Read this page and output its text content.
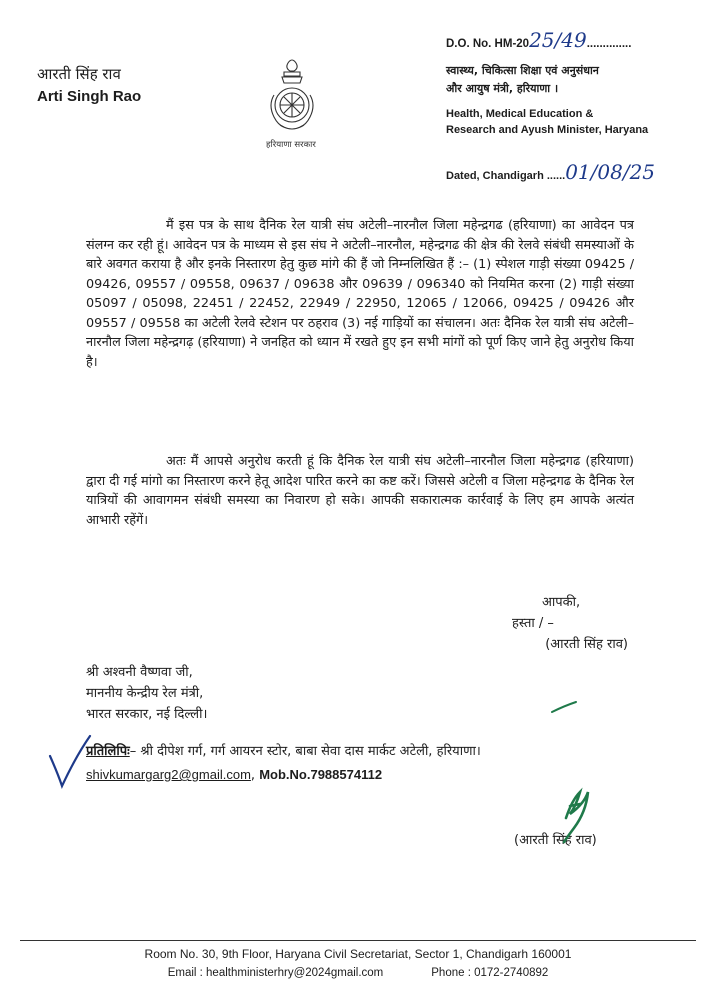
D.O. No. HM-2025/49..............
आरती सिंह राव
Arti Singh Rao
हरियाणा सरकार
स्वास्थ्य, चिकित्सा शिक्षा एवं अनुसंधान
और आयुष मंत्री, हरियाणा ।
Health, Medical Education &
Research and Ayush Minister, Haryana
Dated, Chandigarh ......01/08/25
मैं इस पत्र के साथ दैनिक रेल यात्री संघ अटेली–नारनौल जिला महेन्द्रगढ (हरियाणा) का आवेदन पत्र संलग्न कर रही हूं। आवेदन पत्र के माध्यम से इस संघ ने अटेली–नारनौल, महेन्द्रगढ की क्षेत्र की रेलवे संबंधी समस्याओं के बारे अवगत कराया है और इनके निस्तारण हेतु कुछ मांगे की हैं जो निम्नलिखित हैं :– (1) स्पेशल गाड़ी संख्या 09425 / 09426, 09557 / 09558, 09637 / 09638 और 09639 / 096340 को नियमित करना (2) गाड़ी संख्या 05097 / 05098, 22451 / 22452, 22949 / 22950, 12065 / 12066, 09425 / 09426 और 09557 / 09558 का अटेली रेलवे स्टेशन पर ठहराव (3) नई गाड़ियों का संचालन। अतः दैनिक रेल यात्री संघ अटेली–नारनौल जिला महेन्द्रगढ़ (हरियाणा) ने जनहित को ध्यान में रखते हुए इन सभी मांगों को पूर्ण किए जाने हेतु अनुरोध किया है।
अतः मैं आपसे अनुरोध करती हूं कि दैनिक रेल यात्री संघ अटेली–नारनौल जिला महेन्द्रगढ (हरियाणा) द्वारा दी गई मांगो का निस्तारण करने हेतू आदेश पारित करने का कष्ट करें। जिससे अटेली व जिला महेन्द्रगढ के दैनिक रेल यात्रियों की आवागमन संबंधी समस्या का निवारण हो सके। आपकी सकारात्मक कार्रवाई के लिए हम आपके अत्यंत आभारी रहेंगें।
आपकी,
हस्ता / –
(आरती सिंह राव)
श्री अश्वनी वैष्णवा जी,
माननीय केन्द्रीय रेल मंत्री,
भारत सरकार, नई दिल्ली।
प्रतिलिपिः– श्री दीपेश गर्ग, गर्ग आयरन स्टोर, बाबा सेवा दास मार्कट अटेली, हरियाणा। shivkumargarg2@gmail.com, Mob.No.7988574112
(आरती सिंह राव)
Room No. 30, 9th Floor, Haryana Civil Secretariat, Sector 1, Chandigarh 160001
Email : healthministerhry@2024gmail.com	Phone : 0172-2740892
